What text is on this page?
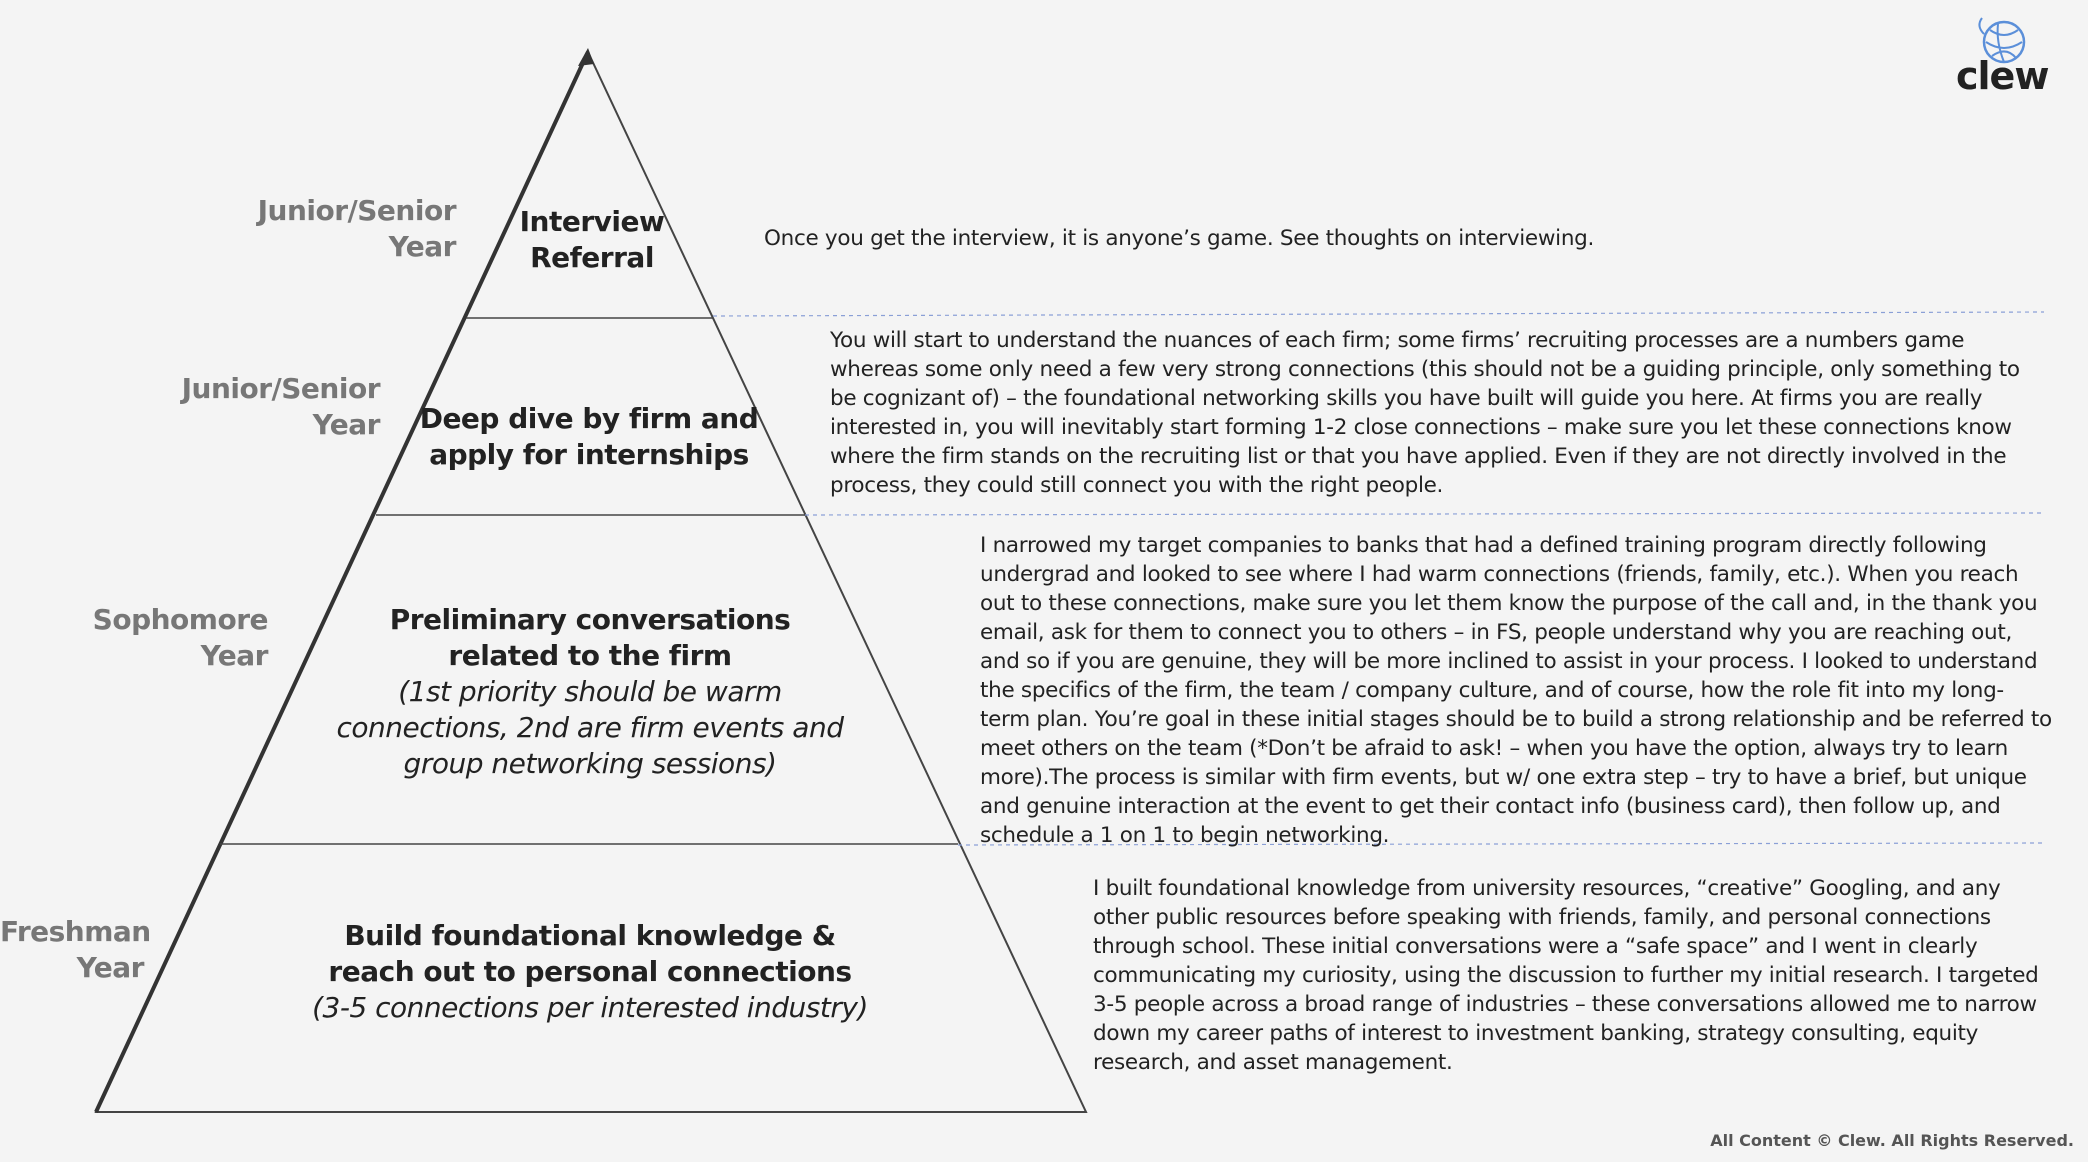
Junior/Senior
Year
Interview
Referral
Once you get the interview, it is anyone’s game. See thoughts on interviewing.
Junior/Senior
Year Deep dive by firm and
apply for internships
You will start to understand the nuances of each firm; some firms’ recruiting processes are a numbers game whereas some only need a few very strong connections (this should not be a guiding principle, only something to be cognizant of) – the foundational networking skills you have built will guide you here. At firms you are really interested in, you will inevitably start forming 1-2 close connections – make sure you let these connections know where the firm stands on the recruiting list or that you have applied. Even if they are not directly involved in the process, they could still connect you with the right people.
Sophomore
Year
Preliminary conversations
related to the firm
(1st priority should be warm
connections, 2nd are firm events and
group networking sessions)
I narrowed my target companies to banks that had a defined training program directly following undergrad and looked to see where I had warm connections (friends, family, etc.). When you reach out to these connections, make sure you let them know the purpose of the call and, in the thank you email, ask for them to connect you to others – in FS, people understand why you are reaching out, and so if you are genuine, they will be more inclined to assist in your process. I looked to understand the specifics of the firm, the team / company culture, and of course, how the role fit into my long-term plan. You’re goal in these initial stages should be to build a strong relationship and be referred to meet others on the team (*Don’t be afraid to ask! – when you have the option, always try to learn more).The process is similar with firm events, but w/ one extra step – try to have a brief, but unique and genuine interaction at the event to get their contact info (business card), then follow up, and schedule a 1 on 1 to begin networking.
Freshman
Year
Build foundational knowledge &
reach out to personal connections
(3-5 connections per interested industry)
I built foundational knowledge from university resources, “creative” Googling, and any other public resources before speaking with friends, family, and personal connections through school. These initial conversations were a “safe space” and I went in clearly communicating my curiosity, using the discussion to further my initial research. I targeted 3-5 people across a broad range of industries – these conversations allowed me to narrow down my career paths of interest to investment banking, strategy consulting, equity research, and asset management.
clew
All Content © Clew. All Rights Reserved.
